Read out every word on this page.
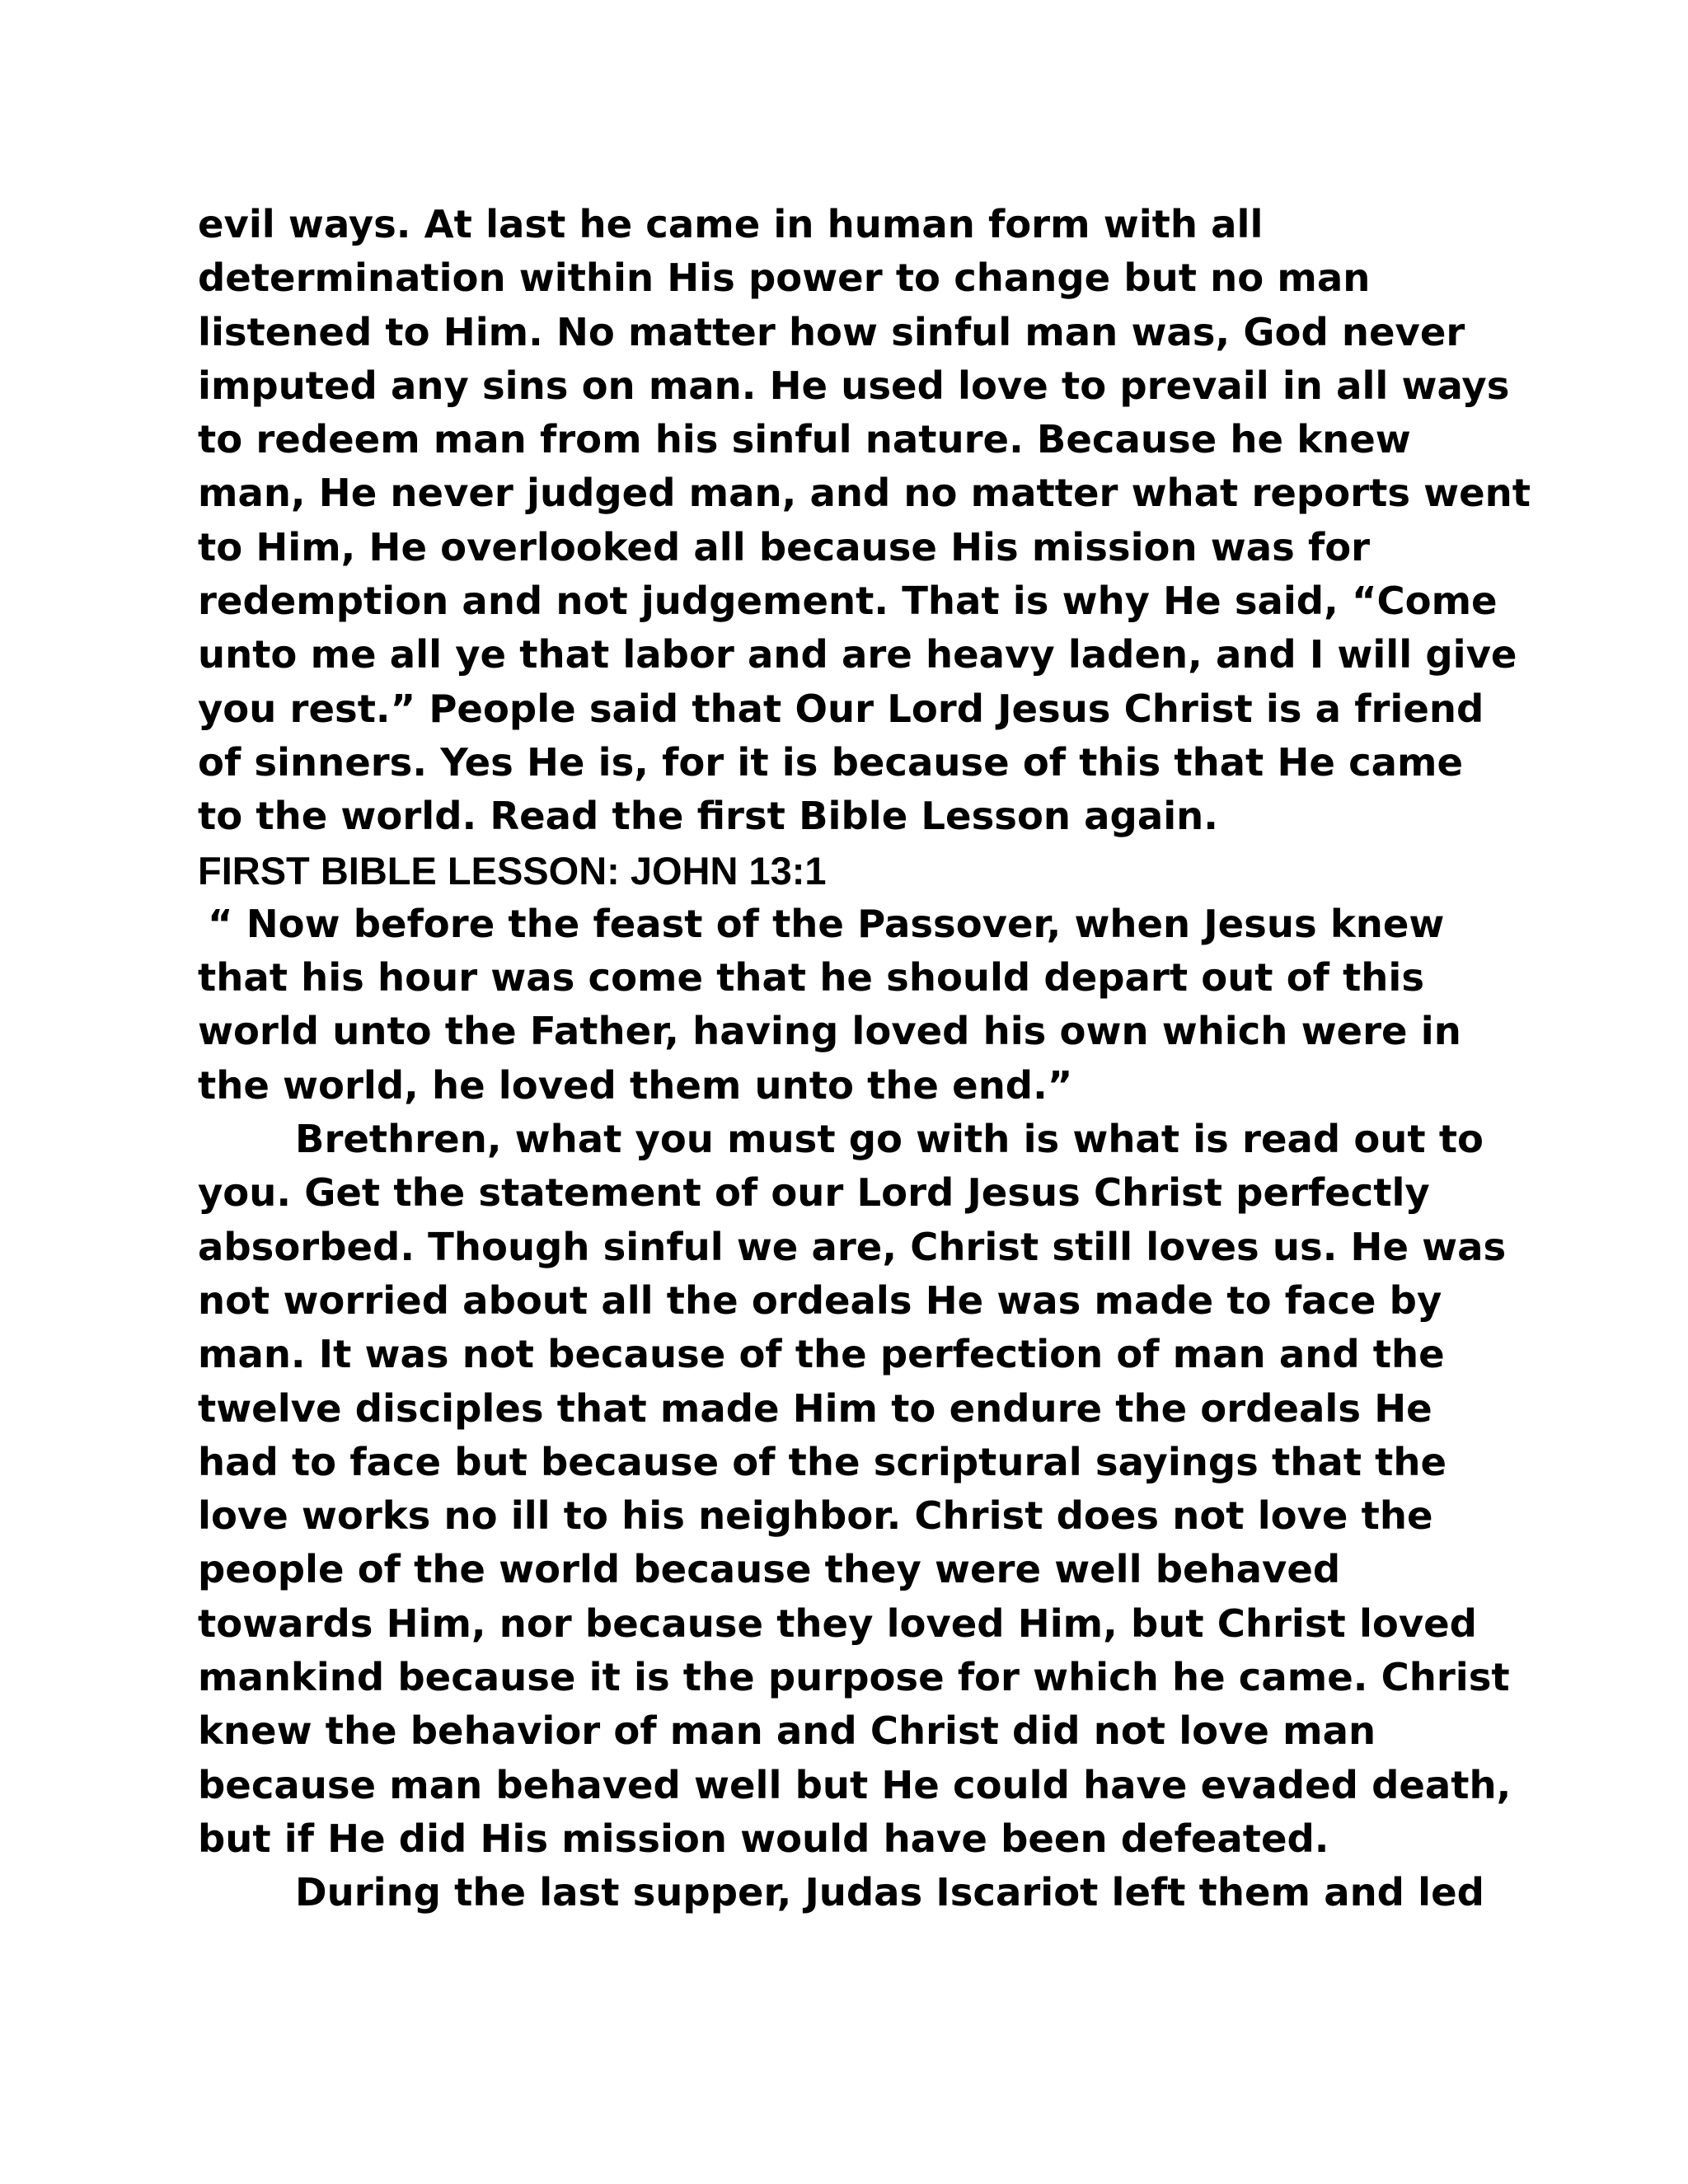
evil ways. At last he came in human form with all
determination within His power to change but no man
listened to Him. No matter how sinful man was, God never
imputed any sins on man. He used love to prevail in all ways
to redeem man from his sinful nature. Because he knew
man, He never judged man, and no matter what reports went
to Him, He overlooked all because His mission was for
redemption and not judgement. That is why He said, “Come
unto me all ye that labor and are heavy laden, and I will give
you rest.” People said that Our Lord Jesus Christ is a friend
of sinners. Yes He is, for it is because of this that He came
to the world. Read the first Bible Lesson again.
FIRST BIBLE LESSON: JOHN 13:1
“ Now before the feast of the Passover, when Jesus knew
that his hour was come that he should depart out of this
world unto the Father, having loved his own which were in
the world, he loved them unto the end.”
Brethren, what you must go with is what is read out to
you. Get the statement of our Lord Jesus Christ perfectly
absorbed. Though sinful we are, Christ still loves us. He was
not worried about all the ordeals He was made to face by
man. It was not because of the perfection of man and the
twelve disciples that made Him to endure the ordeals He
had to face but because of the scriptural sayings that the
love works no ill to his neighbor. Christ does not love the
people of the world because they were well behaved
towards Him, nor because they loved Him, but Christ loved
mankind because it is the purpose for which he came. Christ
knew the behavior of man and Christ did not love man
because man behaved well but He could have evaded death,
but if He did His mission would have been defeated.
During the last supper, Judas Iscariot left them and led
